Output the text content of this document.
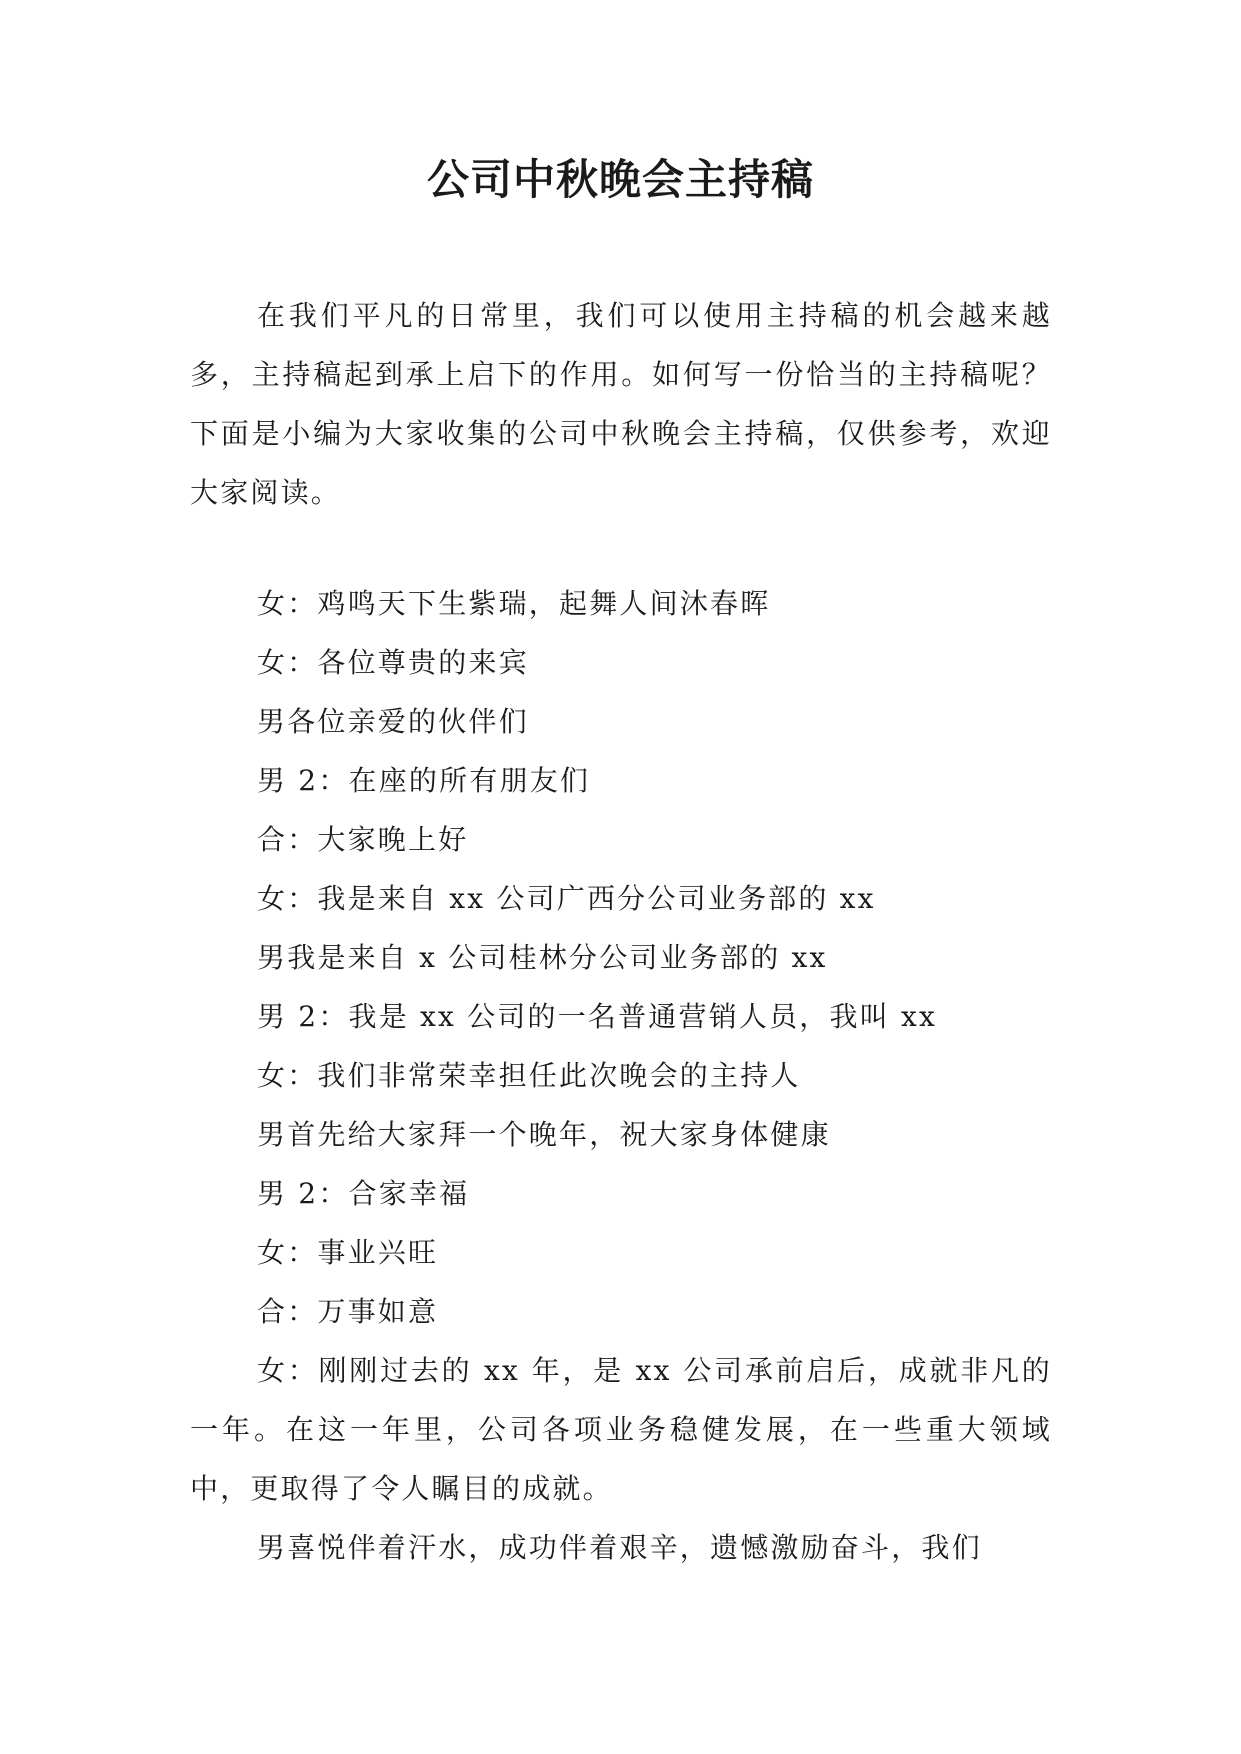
公司中秋晚会主持稿

在我们平凡的日常里，我们可以使用主持稿的机会越来越多，主持稿起到承上启下的作用。如何写一份恰当的主持稿呢？下面是小编为大家收集的公司中秋晚会主持稿，仅供参考，欢迎大家阅读。

女：鸡鸣天下生紫瑞，起舞人间沐春晖

女：各位尊贵的来宾

男各位亲爱的伙伴们

男 2：在座的所有朋友们

合：大家晚上好

女：我是来自 xx 公司广西分公司业务部的 xx

男我是来自 x 公司桂林分公司业务部的 xx

男 2：我是 xx 公司的一名普通营销人员，我叫 xx

女：我们非常荣幸担任此次晚会的主持人

男首先给大家拜一个晚年，祝大家身体健康

男 2：合家幸福

女：事业兴旺

合：万事如意

女：刚刚过去的 xx 年，是 xx 公司承前启后，成就非凡的一年。在这一年里，公司各项业务稳健发展，在一些重大领域中，更取得了令人瞩目的成就。

男喜悦伴着汗水，成功伴着艰辛，遗憾激励奋斗，我们
